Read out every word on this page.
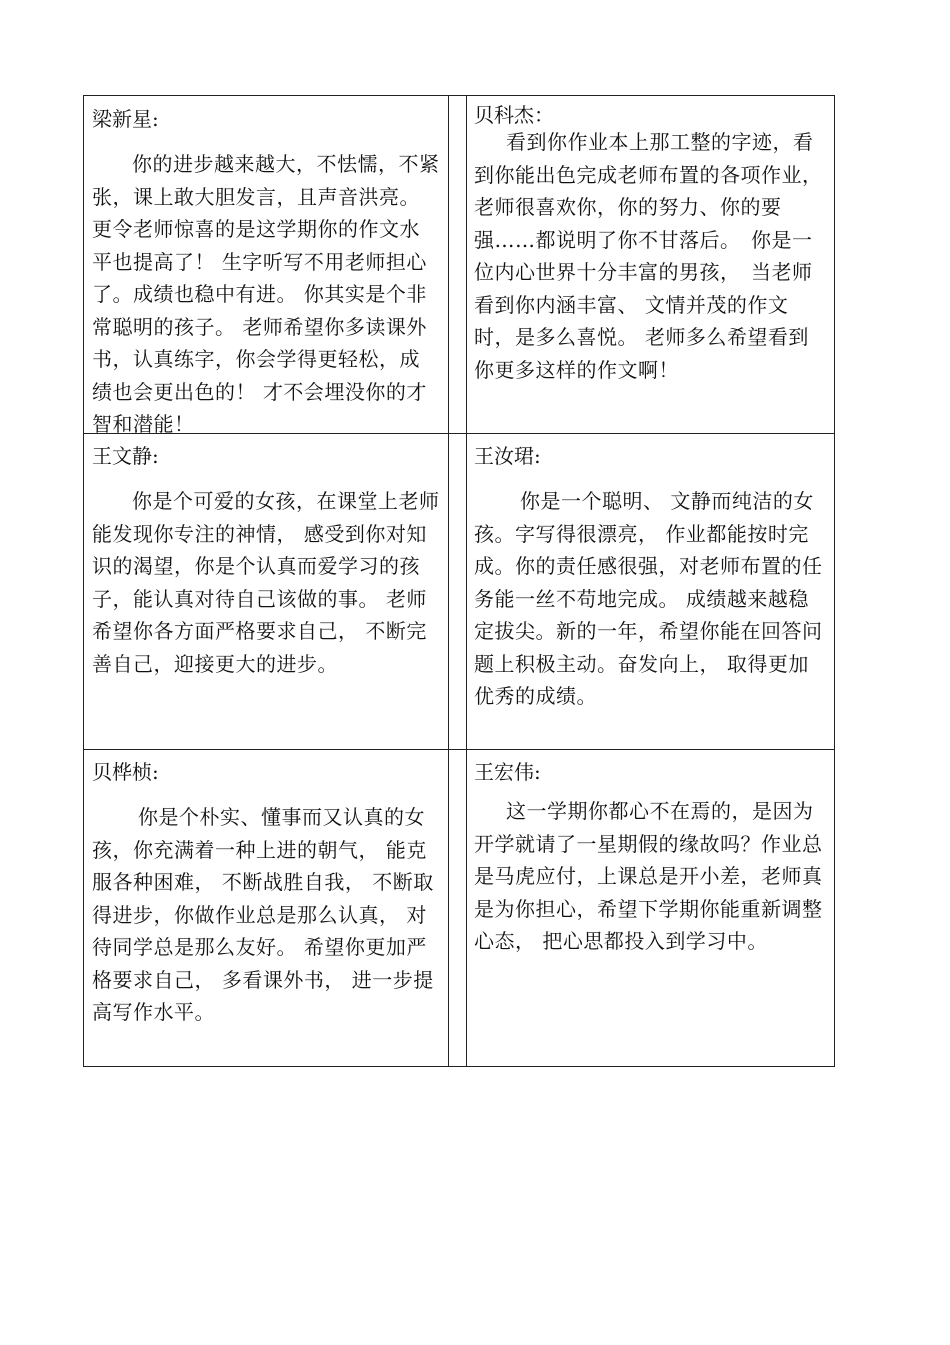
梁新星:
你的进步越来越大，不怯懦，不紧张，课上敢大胆发言，且声音洪亮。更令老师惊喜的是这学期你的作文水平也提高了！ 生字听写不用老师担心了。成绩也稳中有进。 你其实是个非常聪明的孩子。 老师希望你多读课外书，认真练字，你会学得更轻松，成绩也会更出色的！ 才不会埋没你的才智和潜能！
贝科杰：
看到你作业本上那工整的字迹，看到你能出色完成老师布置的各项作业，老师很喜欢你，你的努力、你的要强……都说明了你不甘落后。　你是一位内心世界十分丰富的男孩，　当老师看到你内涵丰富、 文情并茂的作文时，是多么喜悦。 老师多么希望看到你更多这样的作文啊！
王文静:
你是个可爱的女孩，在课堂上老师能发现你专注的神情， 感受到你对知识的渴望，你是个认真而爱学习的孩子，能认真对待自己该做的事。 老师希望你各方面严格要求自己， 不断完善自己，迎接更大的进步。
王汝珺:
你是一个聪明、 文静而纯洁的女孩。字写得很漂亮， 作业都能按时完成。你的责任感很强，对老师布置的任务能一丝不苟地完成。 成绩越来越稳定拔尖。新的一年，希望你能在回答问题上积极主动。奋发向上， 取得更加优秀的成绩。
贝桦桢:
你是个朴实、懂事而又认真的女孩，你充满着一种上进的朝气， 能克服各种困难， 不断战胜自我， 不断取得进步，你做作业总是那么认真， 对待同学总是那么友好。 希望你更加严格要求自己， 多看课外书， 进一步提高写作水平。
王宏伟:
这一学期你都心不在焉的，是因为开学就请了一星期假的缘故吗？作业总是马虎应付，上课总是开小差，老师真是为你担心，希望下学期你能重新调整心态， 把心思都投入到学习中。
